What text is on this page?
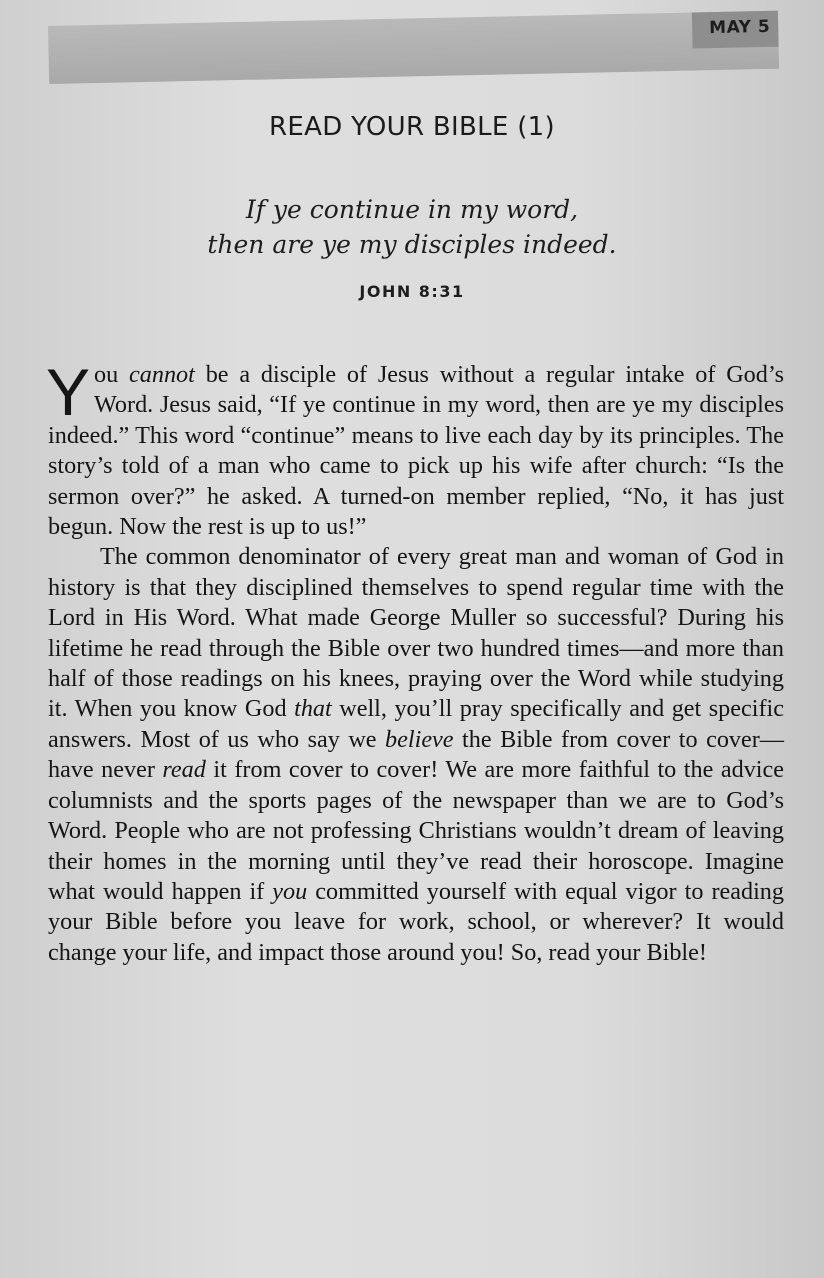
MAY 5
READ YOUR BIBLE (1)
If ye continue in my word,
then are ye my disciples indeed.
JOHN 8:31

You cannot be a disciple of Jesus without a regular intake of God’s Word. Jesus said, “If ye continue in my word, then are ye my disciples indeed.” This word “continue” means to live each day by its principles. The story’s told of a man who came to pick up his wife after church: “Is the sermon over?” he asked. A turned-on member replied, “No, it has just begun. Now the rest is up to us!”

The common denominator of every great man and woman of God in history is that they disciplined themselves to spend regular time with the Lord in His Word. What made George Muller so successful? During his lifetime he read through the Bible over two hundred times—and more than half of those readings on his knees, praying over the Word while studying it. When you know God that well, you’ll pray specifically and get specific answers. Most of us who say we believe the Bible from cover to cover—have never read it from cover to cover! We are more faithful to the advice columnists and the sports pages of the newspaper than we are to God’s Word. People who are not professing Christians wouldn’t dream of leaving their homes in the morning until they’ve read their horoscope. Imagine what would happen if you committed yourself with equal vigor to reading your Bible before you leave for work, school, or wherever? It would change your life, and impact those around you! So, read your Bible!
